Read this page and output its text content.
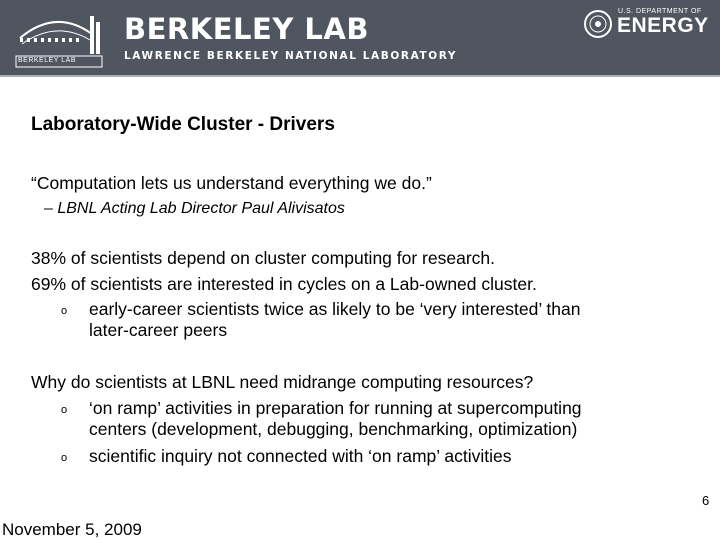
BERKELEY LAB
BERKELEY LAB
LAWRENCE BERKELEY NATIONAL LABORATORY
U.S. DEPARTMENT OF
ENERGY
Laboratory-Wide Cluster - Drivers
“Computation lets us understand everything we do.”
– LBNL Acting Lab Director Paul Alivisatos
38% of scientists depend on cluster computing for research.
69% of scientists are interested in cycles on a Lab-owned cluster.
o early-career scientists twice as likely to be ‘very interested’ than
later-career peers
Why do scientists at LBNL need midrange computing resources?
o ‘on ramp’ activities in preparation for running at supercomputing
centers (development, debugging, benchmarking, optimization)
o scientific inquiry not connected with ‘on ramp’ activities
6
November 5, 2009
